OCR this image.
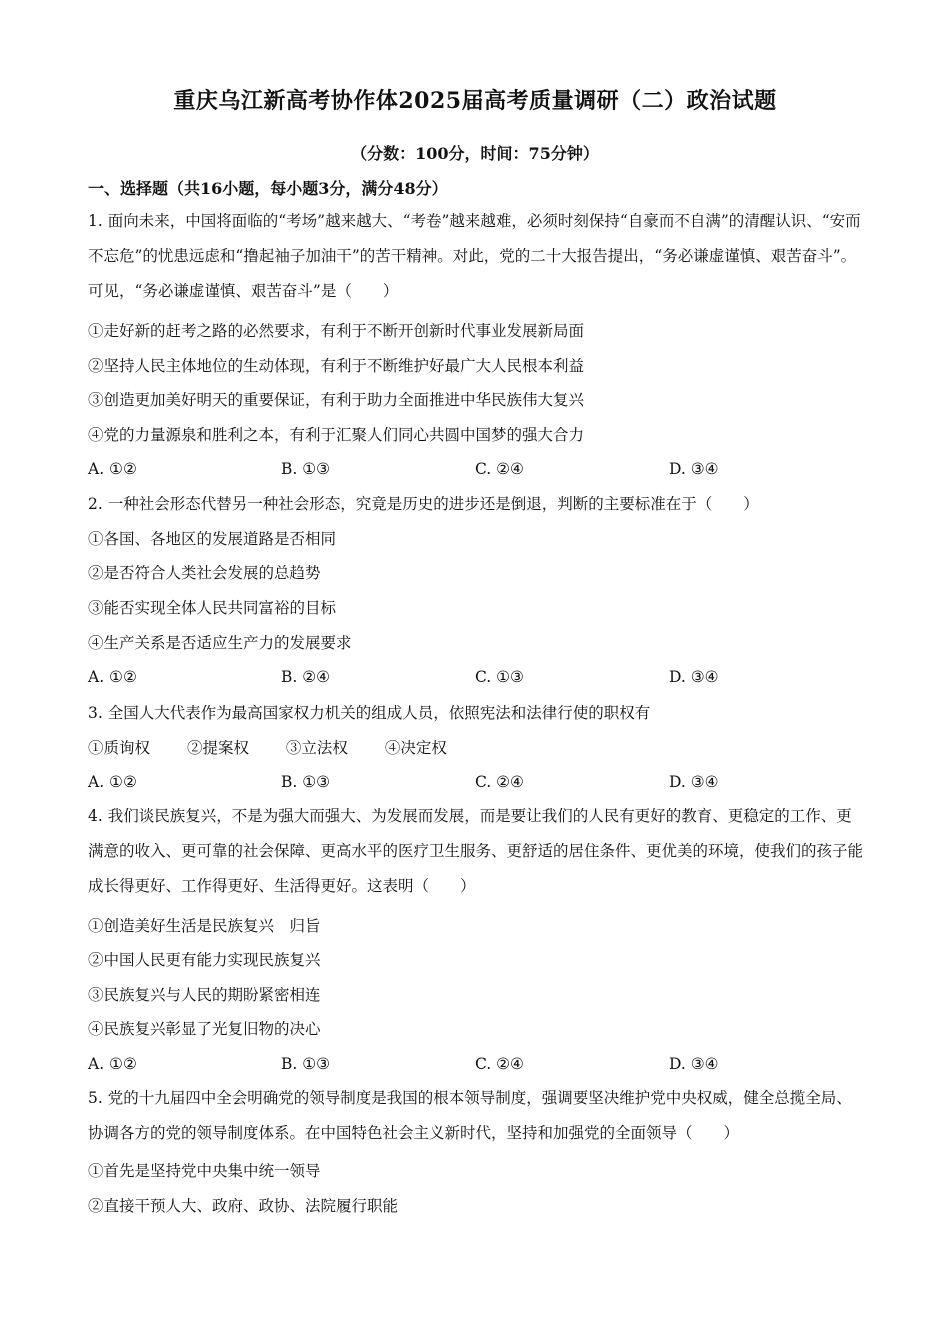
重庆乌江新高考协作体2025届高考质量调研（二）政治试题
（分数：100分，时间：75分钟）
一、选择题（共16小题，每小题3分，满分48分）
1. 面向未来，中国将面临的“考场”越来越大、“考卷”越来越难，必须时刻保持“自豪而不自满”的清醒认识、“安而不忘危”的忧患远虑和“撸起袖子加油干”的苦干精神。对此，党的二十大报告提出，“务必谦虚谨慎、艰苦奋斗”。可见，“务必谦虚谨慎、艰苦奋斗”是（　　）
①走好新的赶考之路的必然要求，有利于不断开创新时代事业发展新局面
②坚持人民主体地位的生动体现，有利于不断维护好最广大人民根本利益
③创造更加美好明天的重要保证，有利于助力全面推进中华民族伟大复兴
④党的力量源泉和胜利之本，有利于汇聚人们同心共圆中国梦的强大合力
A. ①②	B. ①③	C. ②④	D. ③④
2. 一种社会形态代替另一种社会形态，究竟是历史的进步还是倒退，判断的主要标准在于（　　）
①各国、各地区的发展道路是否相同
②是否符合人类社会发展的总趋势
③能否实现全体人民共同富裕的目标
④生产关系是否适应生产力的发展要求
A. ①②	B. ②④	C. ①③	D. ③④
3. 全国人大代表作为最高国家权力机关的组成人员，依照宪法和法律行使的职权有
①质询权 ②提案权 ③立法权 ④决定权
A. ①②	B. ①③	C. ②④	D. ③④
4. 我们谈民族复兴，不是为强大而强大、为发展而发展，而是要让我们的人民有更好的教育、更稳定的工作、更满意的收入、更可靠的社会保障、更高水平的医疗卫生服务、更舒适的居住条件、更优美的环境，使我们的孩子能成长得更好、工作得更好、生活得更好。这表明（　　）
①创造美好生活是民族复兴　归旨
②中国人民更有能力实现民族复兴
③民族复兴与人民的期盼紧密相连
④民族复兴彰显了光复旧物的决心
A. ①②	B. ①③	C. ②④	D. ③④
5. 党的十九届四中全会明确党的领导制度是我国的根本领导制度，强调要坚决维护党中央权威，健全总揽全局、协调各方的党的领导制度体系。在中国特色社会主义新时代，坚持和加强党的全面领导（　　）
①首先是坚持党中央集中统一领导
②直接干预人大、政府、政协、法院履行职能
